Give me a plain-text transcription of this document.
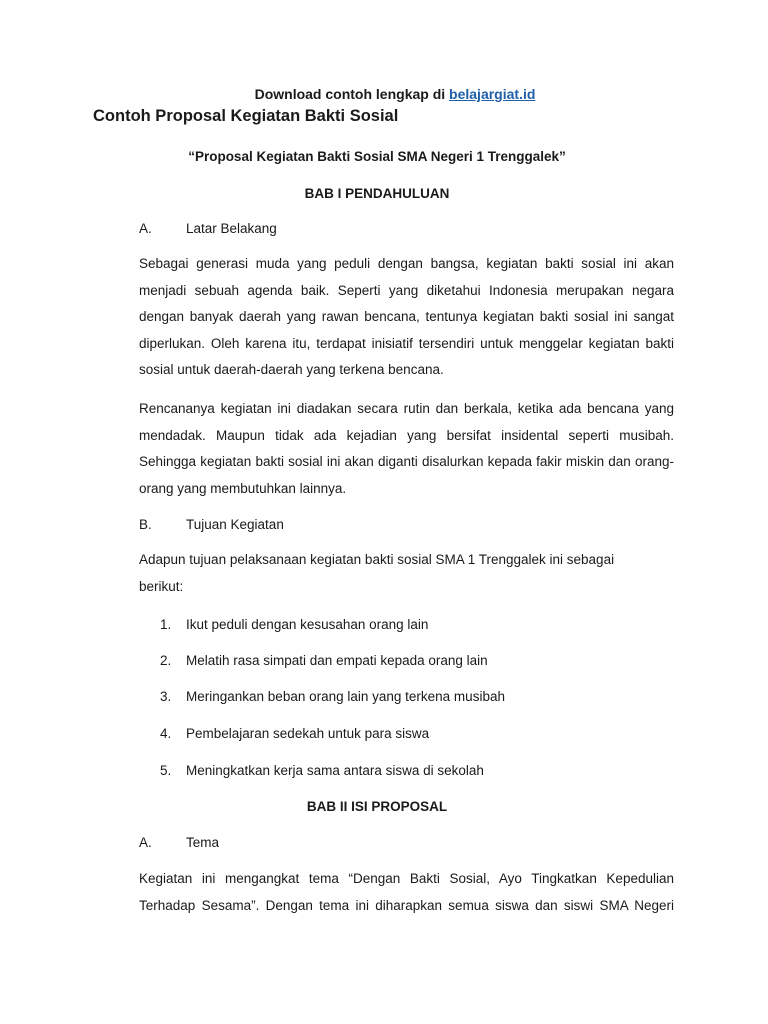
Download contoh lengkap di belajargiat.id
Contoh Proposal Kegiatan Bakti Sosial
“Proposal Kegiatan Bakti Sosial SMA Negeri 1 Trenggalek”
BAB I PENDAHULUAN
A.	Latar Belakang

Sebagai generasi muda yang peduli dengan bangsa, kegiatan bakti sosial ini akan menjadi sebuah agenda baik. Seperti yang diketahui Indonesia merupakan negara dengan banyak daerah yang rawan bencana, tentunya kegiatan bakti sosial ini sangat diperlukan. Oleh karena itu, terdapat inisiatif tersendiri untuk menggelar kegiatan bakti sosial untuk daerah-daerah yang terkena bencana.

Rencananya kegiatan ini diadakan secara rutin dan berkala, ketika ada bencana yang mendadak. Maupun tidak ada kejadian yang bersifat insidental seperti musibah. Sehingga kegiatan bakti sosial ini akan diganti disalurkan kepada fakir miskin dan orang-orang yang membutuhkan lainnya.

B.	Tujuan Kegiatan

Adapun tujuan pelaksanaan kegiatan bakti sosial SMA 1 Trenggalek ini sebagai berikut:

1. Ikut peduli dengan kesusahan orang lain
2. Melatih rasa simpati dan empati kepada orang lain
3. Meringankan beban orang lain yang terkena musibah
4. Pembelajaran sedekah untuk para siswa
5. Meningkatkan kerja sama antara siswa di sekolah
BAB II ISI PROPOSAL
A.	Tema

Kegiatan ini mengangkat tema “Dengan Bakti Sosial, Ayo Tingkatkan Kepedulian Terhadap Sesama”. Dengan tema ini diharapkan semua siswa dan siswi SMA Negeri
